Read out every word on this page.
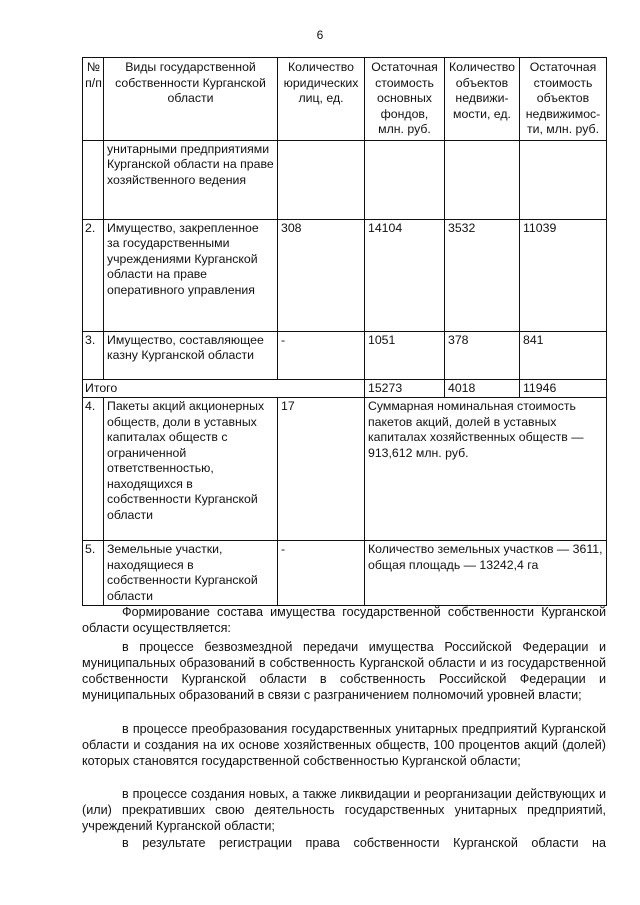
6
№ п/п	Виды государственной собственности Курганской области	Количество юридических лиц, ед.	Остаточная стоимость основных фондов, млн. руб.	Количество объектов недвижи-мости, ед.	Остаточная стоимость объектов недвижимос-ти, млн. руб.
	унитарными предприятиями Курганской области на праве хозяйственного ведения				
2.	Имущество, закрепленное за государственными учреждениями Курганской области на праве оперативного управления	308	14104	3532	11039
3.	Имущество, составляющее казну Курганской области	-	1051	378	841
Итого			15273	4018	11946
4.	Пакеты акций акционерных обществ, доли в уставных капиталах обществ с ограниченной ответственностью, находящихся в собственности Курганской области	17	Суммарная номинальная стоимость пакетов акций, долей в уставных капиталах хозяйственных обществ — 913,612 млн. руб.		
5.	Земельные участки, находящиеся в собственности Курганской области	-	Количество земельных участков — 3611, общая площадь — 13242,4 га		
Формирование состава имущества государственной собственности Курганской области осуществляется:
в процессе безвозмездной передачи имущества Российской Федерации и муниципальных образований в собственность Курганской области и из государственной собственности Курганской области в собственность Российской Федерации и муниципальных образований в связи с разграничением полномочий уровней власти;
в процессе преобразования государственных унитарных предприятий Курганской области и создания на их основе хозяйственных обществ, 100 процентов акций (долей) которых становятся государственной собственностью Курганской области;
в процессе создания новых, а также ликвидации и реорганизации действующих и (или) прекративших свою деятельность государственных унитарных предприятий, учреждений Курганской области;
в результате регистрации права собственности Курганской области на
